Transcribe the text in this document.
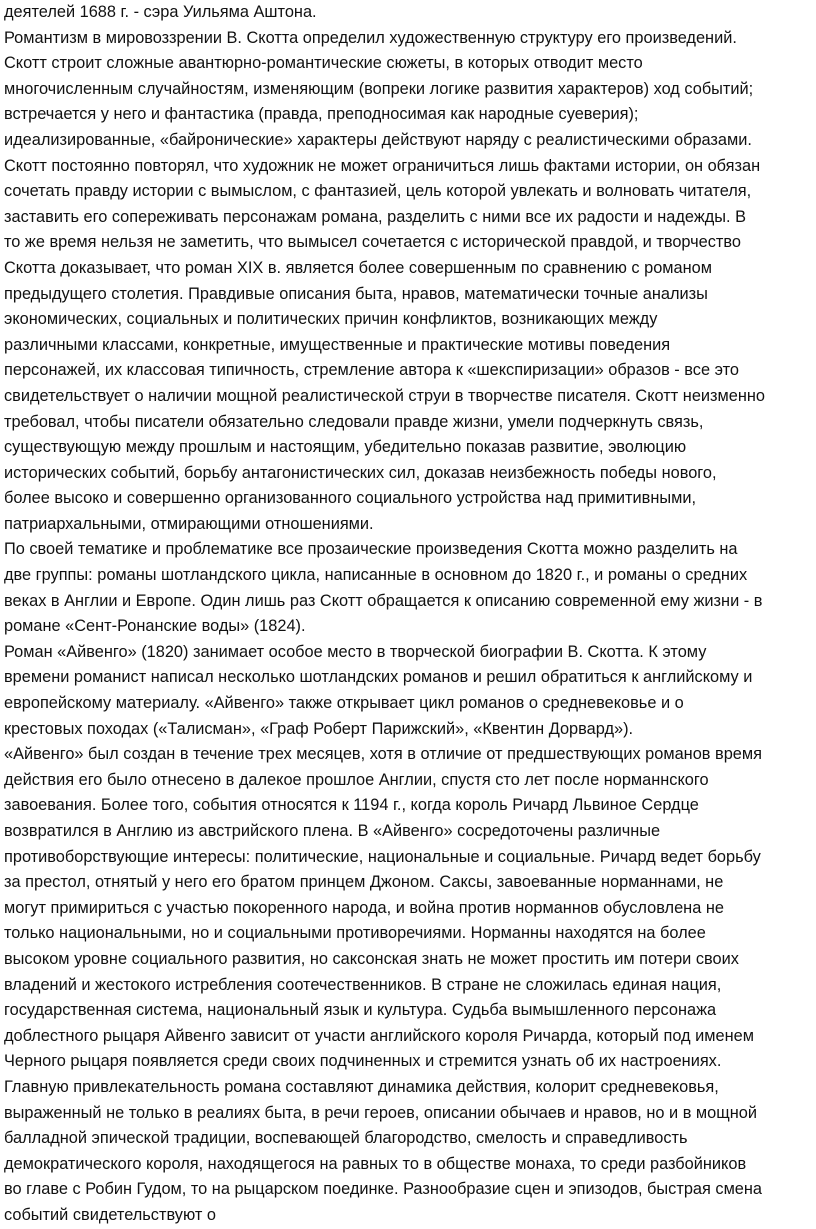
деятелей 1688 г. - сэра Уильяма Аштона.
Романтизм в мировоззрении В. Скотта определил художественную структуру его произведений.
Скотт строит сложные авантюрно-романтические сюжеты, в которых отводит место
многочисленным случайностям, изменяющим (вопреки логике развития характеров) ход событий;
встречается у него и фантастика (правда, преподносимая как народные суеверия);
идеализированные, «байронические» характеры действуют наряду с реалистическими образами.
Скотт постоянно повторял, что художник не может ограничиться лишь фактами истории, он обязан
сочетать правду истории с вымыслом, с фантазией, цель которой увлекать и волновать читателя,
заставить его сопереживать персонажам романа, разделить с ними все их радости и надежды. В
то же время нельзя не заметить, что вымысел сочетается с исторической правдой, и творчество
Скотта доказывает, что роман XIX в. является более совершенным по сравнению с романом
предыдущего столетия. Правдивые описания быта, нравов, математически точные анализы
экономических, социальных и политических причин конфликтов, возникающих между
различными классами, конкретные, имущественные и практические мотивы поведения
персонажей, их классовая типичность, стремление автора к «шекспиризации» образов - все это
свидетельствует о наличии мощной реалистической струи в творчестве писателя. Скотт неизменно
требовал, чтобы писатели обязательно следовали правде жизни, умели подчеркнуть связь,
существующую между прошлым и настоящим, убедительно показав развитие, эволюцию
исторических событий, борьбу антагонистических сил, доказав неизбежность победы нового,
более высоко и совершенно организованного социального устройства над примитивными,
патриархальными, отмирающими отношениями.
По своей тематике и проблематике все прозаические произведения Скотта можно разделить на
две группы: романы шотландского цикла, написанные в основном до 1820 г., и романы о средних
веках в Англии и Европе. Один лишь раз Скотт обращается к описанию современной ему жизни - в
романе «Сент-Ронанские воды» (1824).
Роман «Айвенго» (1820) занимает особое место в творческой биографии В. Скотта. К этому
времени романист написал несколько шотландских романов и решил обратиться к английскому и
европейскому материалу. «Айвенго» также открывает цикл романов о средневековье и о
крестовых походах («Талисман», «Граф Роберт Парижский», «Квентин Дорвард»).
«Айвенго» был создан в течение трех месяцев, хотя в отличие от предшествующих романов время
действия его было отнесено в далекое прошлое Англии, спустя сто лет после норманнского
завоевания. Более того, события относятся к 1194 г., когда король Ричард Львиное Сердце
возвратился в Англию из австрийского плена. В «Айвенго» сосредоточены различные
противоборствующие интересы: политические, национальные и социальные. Ричард ведет борьбу
за престол, отнятый у него его братом принцем Джоном. Саксы, завоеванные норманнами, не
могут примириться с участью покоренного народа, и война против норманнов обусловлена не
только национальными, но и социальными противоречиями. Норманны находятся на более
высоком уровне социального развития, но саксонская знать не может простить им потери своих
владений и жестокого истребления соотечественников. В стране не сложилась единая нация,
государственная система, национальный язык и культура. Судьба вымышленного персонажа
доблестного рыцаря Айвенго зависит от участи английского короля Ричарда, который под именем
Черного рыцаря появляется среди своих подчиненных и стремится узнать об их настроениях.
Главную привлекательность романа составляют динамика действия, колорит средневековья,
выраженный не только в реалиях быта, в речи героев, описании обычаев и нравов, но и в мощной
балладной эпической традиции, воспевающей благородство, смелость и справедливость
демократического короля, находящегося на равных то в обществе монаха, то среди разбойников
во главе с Робин Гудом, то на рыцарском поединке. Разнообразие сцен и эпизодов, быстрая смена
событий свидетельствуют о
